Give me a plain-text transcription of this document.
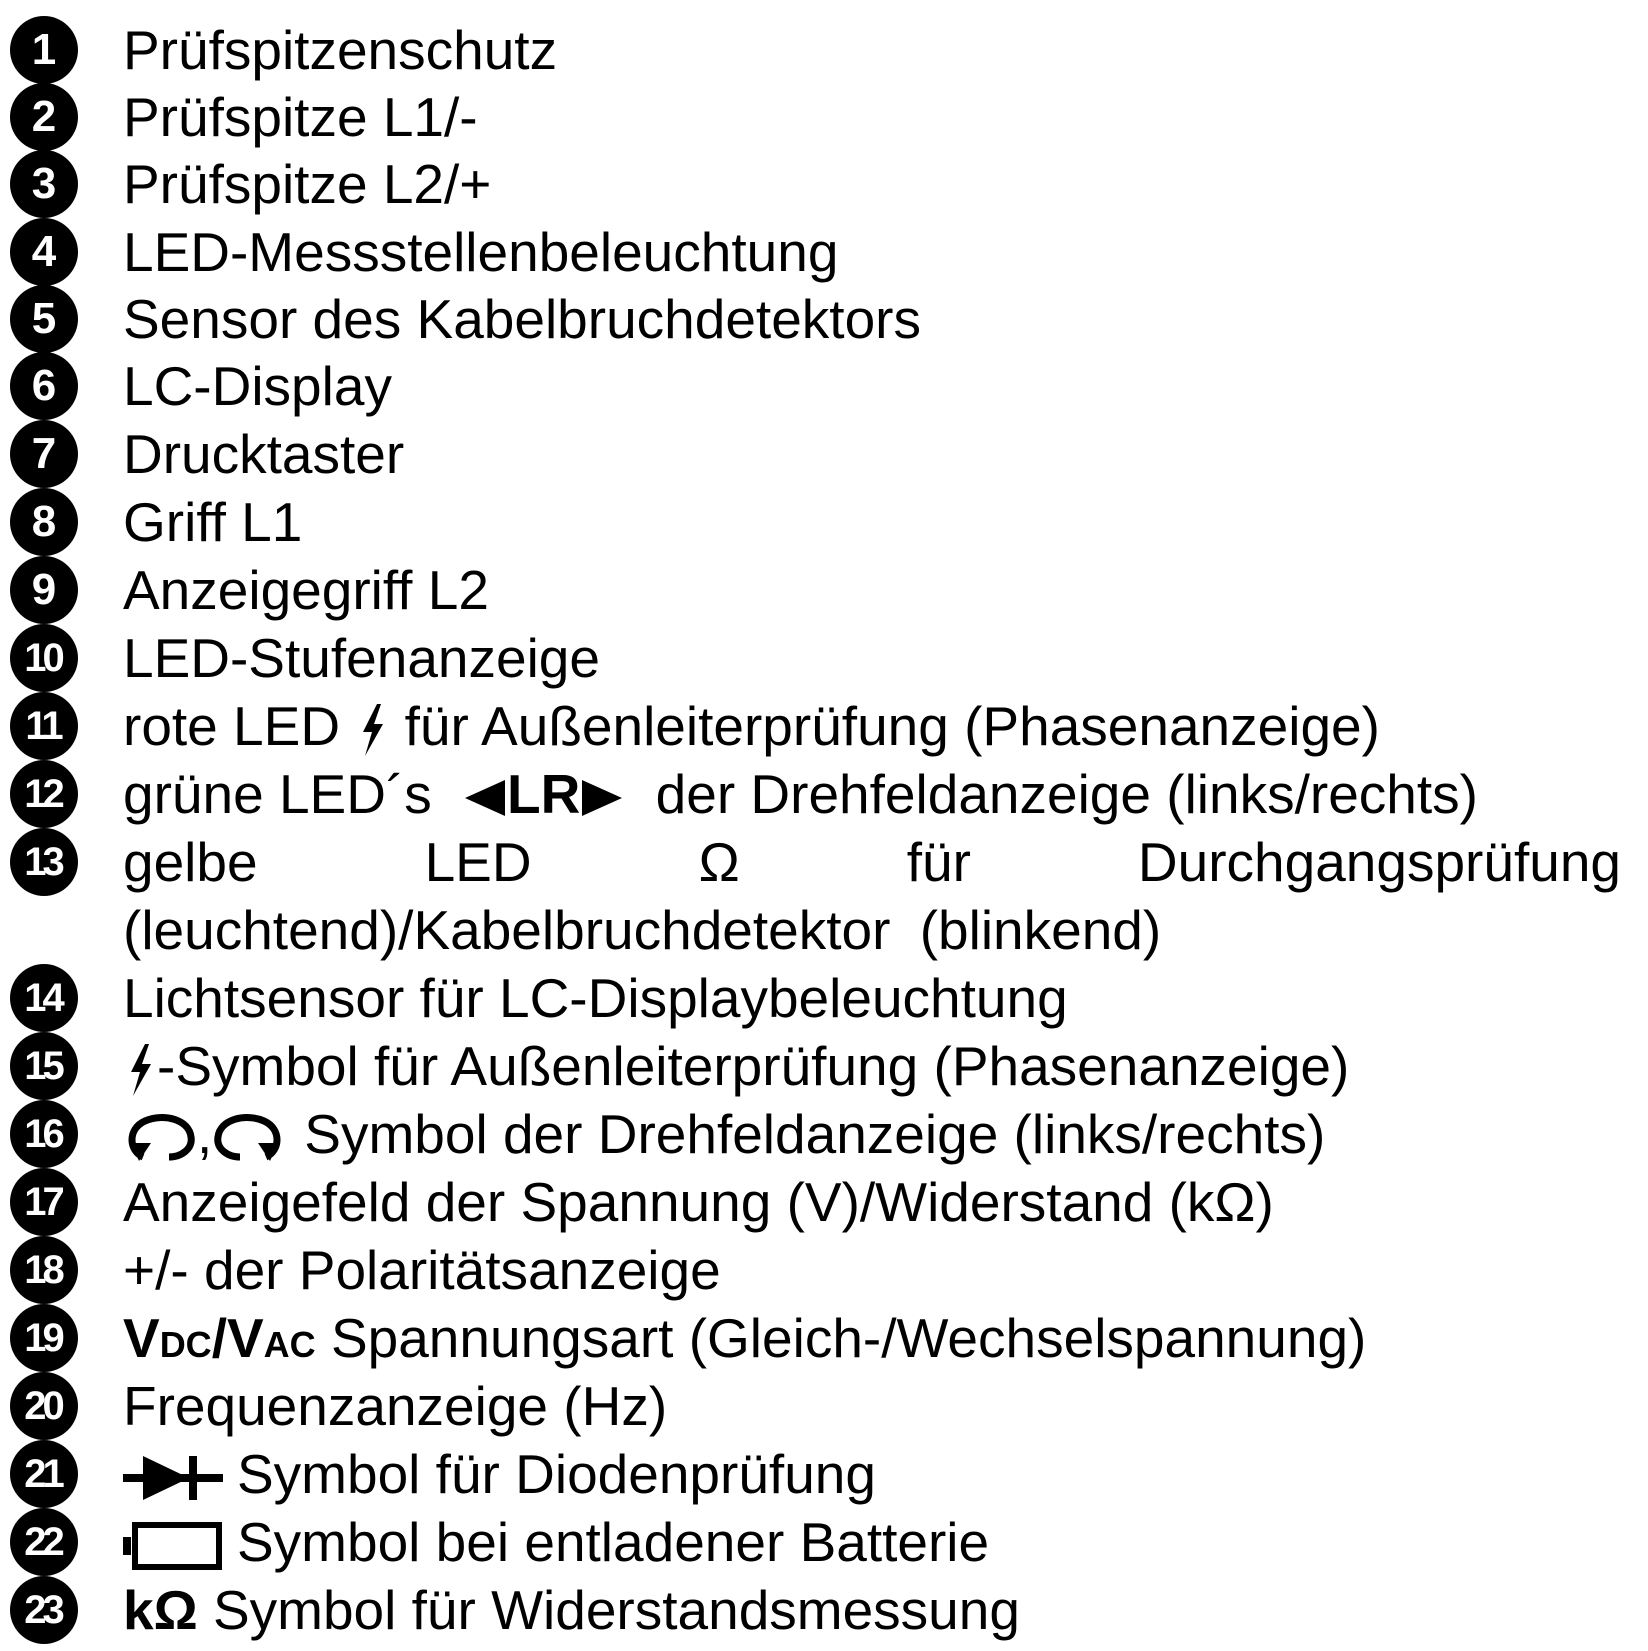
1	Prüfspitzenschutz
2	Prüfspitze L1/-
3	Prüfspitze L2/+
4	LED-Messstellenbeleuchtung
5	Sensor des Kabelbruchdetektors
6	LC-Display
7	Drucktaster
8	Griff L1
9	Anzeigegriff L2
10	LED-Stufenanzeige
11	rote LED für Außenleiterprüfung (Phasenanzeige)
12	grüne LED´s LR der Drehfeldanzeige (links/rechts)
13	gelbe LED Ω für Durchgangsprüfung (leuchtend)/Kabelbruchdetektor (blinkend)
14	Lichtsensor für LC-Displaybeleuchtung
15	-Symbol für Außenleiterprüfung (Phasenanzeige)
16	, Symbol der Drehfeldanzeige (links/rechts)
17	Anzeigefeld der Spannung (V)/Widerstand (kΩ)
18	+/- der Polaritätsanzeige
19	VDC/VAC Spannungsart (Gleich-/Wechselspannung)
20	Frequenzanzeige (Hz)
21	Symbol für Diodenprüfung
22	Symbol bei entladener Batterie
23	kΩ Symbol für Widerstandsmessung
